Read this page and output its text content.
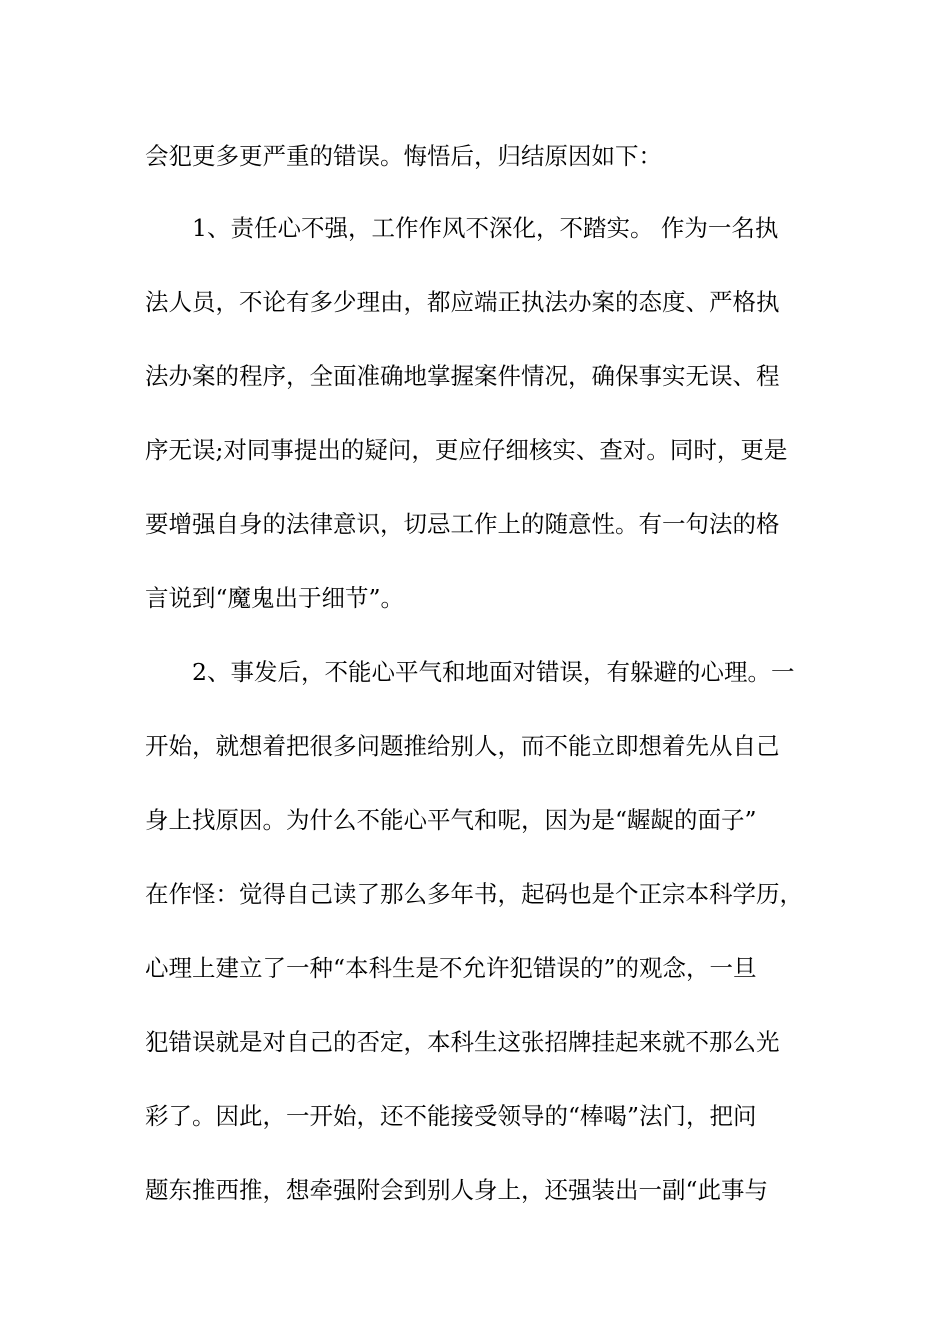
会犯更多更严重的错误。悔悟后，归结原因如下：
1、责任心不强，工作作风不深化，不踏实。 作为一名执
法人员，不论有多少理由，都应端正执法办案的态度、严格执
法办案的程序，全面准确地掌握案件情况，确保事实无误、程
序无误;对同事提出的疑问，更应仔细核实、查对。同时，更是
要增强自身的法律意识，切忌工作上的随意性。有一句法的格
言说到“魔鬼出于细节”。
2、事发后，不能心平气和地面对错误，有躲避的心理。一
开始，就想着把很多问题推给别人，而不能立即想着先从自己
身上找原因。为什么不能心平气和呢，因为是“龌龊的面子”
在作怪：觉得自己读了那么多年书，起码也是个正宗本科学历，
心理上建立了一种“本科生是不允许犯错误的”的观念，一旦
犯错误就是对自己的否定，本科生这张招牌挂起来就不那么光
彩了。因此，一开始，还不能接受领导的“棒喝”法门，把问
题东推西推，想牵强附会到别人身上，还强装出一副“此事与
